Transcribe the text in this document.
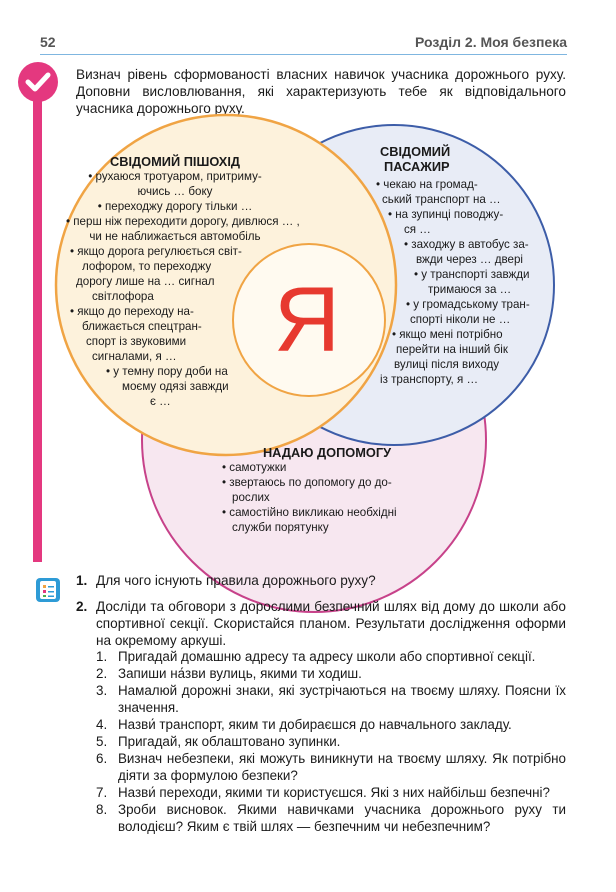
52	Розділ 2. Моя безпека
Визнач рівень сформованості власних навичок учасника дорожнього руху. Доповни висловлювання, які характеризують тебе як відповідального учасника дорожнього руху.
Я
СВІДОМИЙ ПІШОХІД
• рухаюся тротуаром, притриму-
ючись … боку
• переходжу дорогу тільки …
• перш ніж переходити дорогу, дивлюся … ,
чи не наближається автомобіль
• якщо дорога регулюється світ-
лофором, то переходжу
дорогу лише на … сигнал
світлофора
• якщо до переходу на-
ближається спецтран-
спорт із звуковими
сигналами, я …
• у темну пору доби на
моєму одязі завжди
є …
СВІДОМИЙ
ПАСАЖИР
• чекаю на громад-
ський транспорт на …
• на зупинці поводжу-
ся …
• заходжу в автобус за-
вжди через … двері
• у транспорті завжди
тримаюся за …
• у громадському тран-
спорті ніколи не …
• якщо мені потрібно
перейти на інший бік
вулиці після виходу
із транспорту, я …
НАДАЮ ДОПОМОГУ
• самотужки
• звертаюсь по допомогу до до-
рослих
• самостійно викликаю необхідні
служби порятунку
1. Для чого існують правила дорожнього руху?
2. Досліди та обговори з дорослими безпечний шлях від дому до школи або спортивної секції. Скористайся планом. Результати дослідження оформи на окремому аркуші.
1. Пригадай домашню адресу та адресу школи або спортивної секції.
2. Запиши на́зви вулиць, якими ти ходиш.
3. Намалюй дорожні знаки, які зустрічаються на твоєму шляху. Поясни їх значення.
4. Назви́ транспорт, яким ти добираєшся до навчального закладу.
5. Пригадай, як облаштовано зупинки.
6. Визнач небезпеки, які можуть виникнути на твоєму шляху. Як потрібно діяти за формулою безпеки?
7. Назви́ переходи, якими ти користуєшся. Які з них найбільш безпечні?
8. Зроби висновок. Якими навичками учасника дорожнього руху ти володієш? Яким є твій шлях — безпечним чи небезпечним?
